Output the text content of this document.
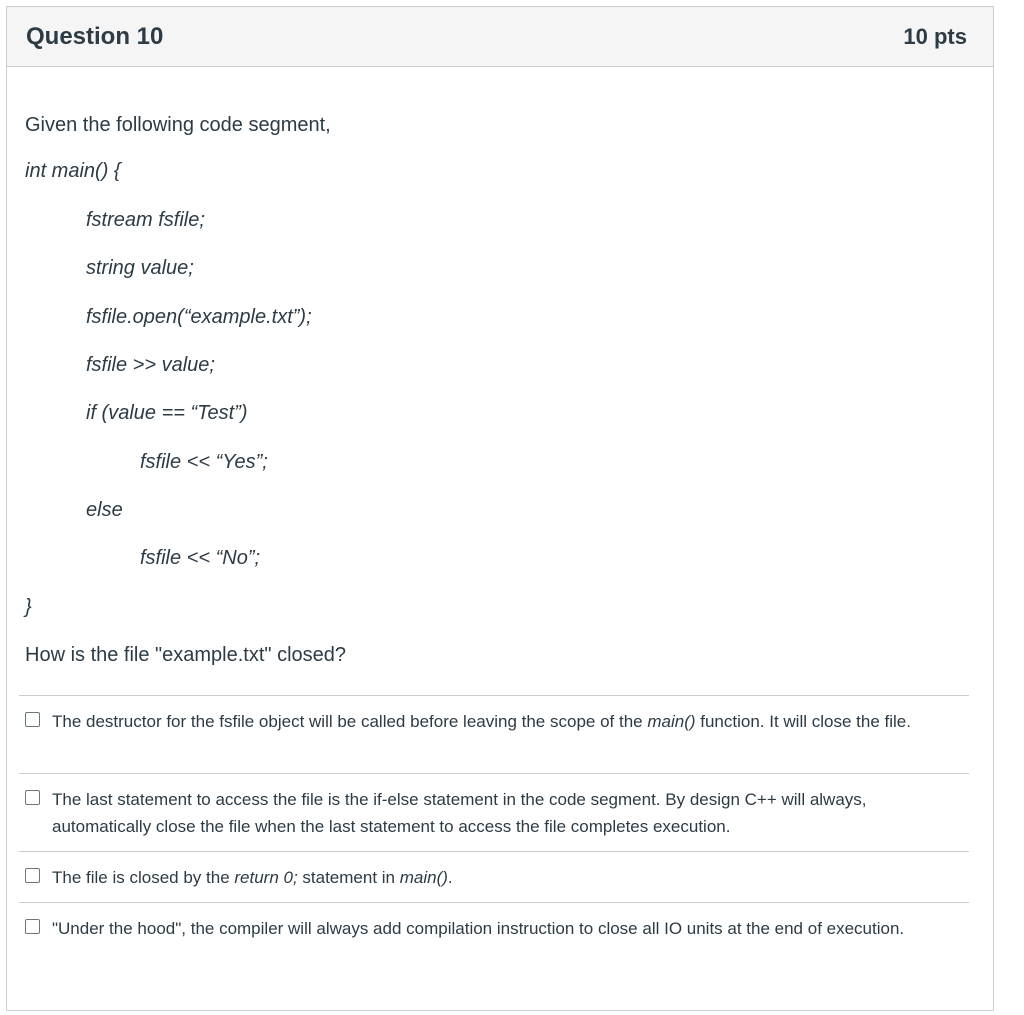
Question 10	10 pts
Given the following code segment,
int main() {
fstream fsfile;
string value;
fsfile.open(“example.txt”);
fsfile >> value;
if (value == “Test”)
fsfile << “Yes”;
else
fsfile << “No”;
}
How is the file "example.txt" closed?
The destructor for the fsfile object will be called before leaving the scope of the main() function. It will close the file.
The last statement to access the file is the if-else statement in the code segment. By design C++ will always, automatically close the file when the last statement to access the file completes execution.
The file is closed by the return 0; statement in main().
"Under the hood", the compiler will always add compilation instruction to close all IO units at the end of execution.
